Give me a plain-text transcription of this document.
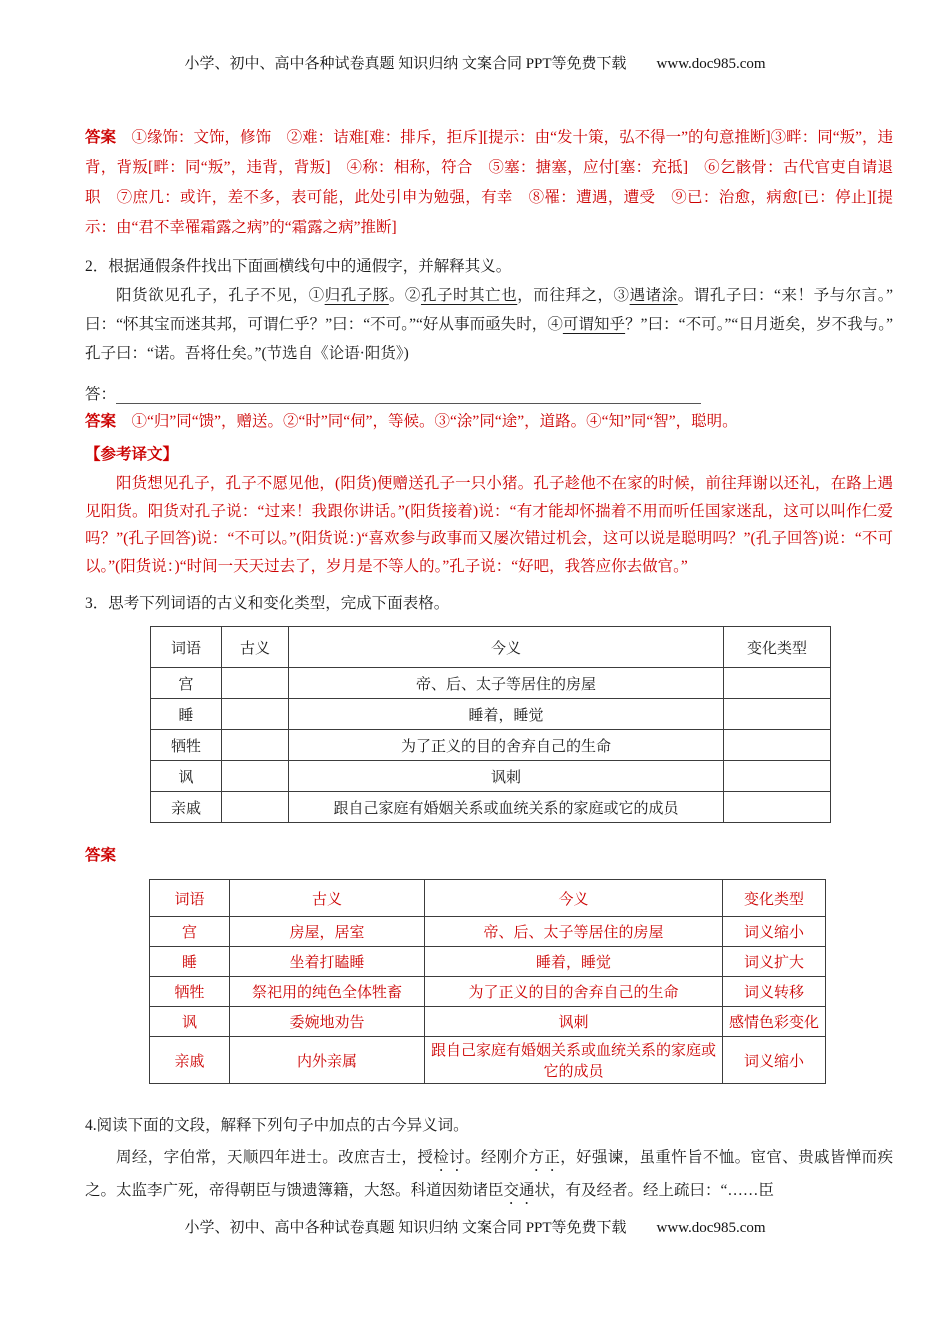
小学、初中、高中各种试卷真题 知识归纳 文案合同 PPT等免费下载　　www.doc985.com

答案　①缘饰：文饰，修饰　②难：诘难[难：排斥，拒斥][提示：由“发十策，弘不得一”的句意推断]③畔：同“叛”，违背，背叛[畔：同“叛”，违背，背叛]　④称：相称，符合　⑤塞：搪塞，应付[塞：充抵]　⑥乞骸骨：古代官吏自请退职　⑦庶几：或许，差不多，表可能，此处引申为勉强，有幸　⑧罹：遭遇，遭受　⑨已：治愈，病愈[已：停止][提示：由“君不幸罹霜露之病”的“霜露之病”推断]

2．根据通假条件找出下面画横线句中的通假字，并解释其义。

阳货欲见孔子，孔子不见，①归孔子豚。②孔子时其亡也，而往拜之，③遇诸涂。谓孔子曰：“来！予与尔言。”曰：“怀其宝而迷其邦，可谓仁乎？”曰：“不可。”“好从事而亟失时，④可谓知乎？”曰：“不可。”“日月逝矣，岁不我与。”孔子曰：“诺。吾将仕矣。”(节选自《论语·阳货》)

答：

答案　①“归”同“馈”，赠送。②“时”同“伺”，等候。③“涂”同“途”，道路。④“知”同“智”，聪明。

【参考译文】

阳货想见孔子，孔子不愿见他，(阳货)便赠送孔子一只小猪。孔子趁他不在家的时候，前往拜谢以还礼，在路上遇见阳货。阳货对孔子说：“过来！我跟你讲话。”(阳货接着)说：“有才能却怀揣着不用而听任国家迷乱，这可以叫作仁爱吗？”(孔子回答)说：“不可以。”(阳货说：)“喜欢参与政事而又屡次错过机会，这可以说是聪明吗？”(孔子回答)说：“不可以。”(阳货说：)“时间一天天过去了，岁月是不等人的。”孔子说：“好吧，我答应你去做官。”

3．思考下列词语的古义和变化类型，完成下面表格。

词语	古义	今义	变化类型
宫		帝、后、太子等居住的房屋	
睡		睡着，睡觉	
牺牲		为了正义的目的舍弃自己的生命	
讽		讽刺	
亲戚		跟自己家庭有婚姻关系或血统关系的家庭或它的成员	

答案

词语	古义	今义	变化类型
宫	房屋，居室	帝、后、太子等居住的房屋	词义缩小
睡	坐着打瞌睡	睡着，睡觉	词义扩大
牺牲	祭祀用的纯色全体牲畜	为了正义的目的舍弃自己的生命	词义转移
讽	委婉地劝告	讽刺	感情色彩变化
亲戚	内外亲属	跟自己家庭有婚姻关系或血统关系的家庭或它的成员	词义缩小

4.阅读下面的文段，解释下列句子中加点的古今异义词。

周经，字伯常，天顺四年进士。改庶吉士，授检讨。经刚介方正，好强谏，虽重忤旨不恤。宦官、贵戚皆惮而疾之。太监李广死，帝得朝臣与馈遗簿籍，大怒。科道因劾诸臣交通状，有及经者。经上疏曰：“……臣

小学、初中、高中各种试卷真题 知识归纳 文案合同 PPT等免费下载　　www.doc985.com
